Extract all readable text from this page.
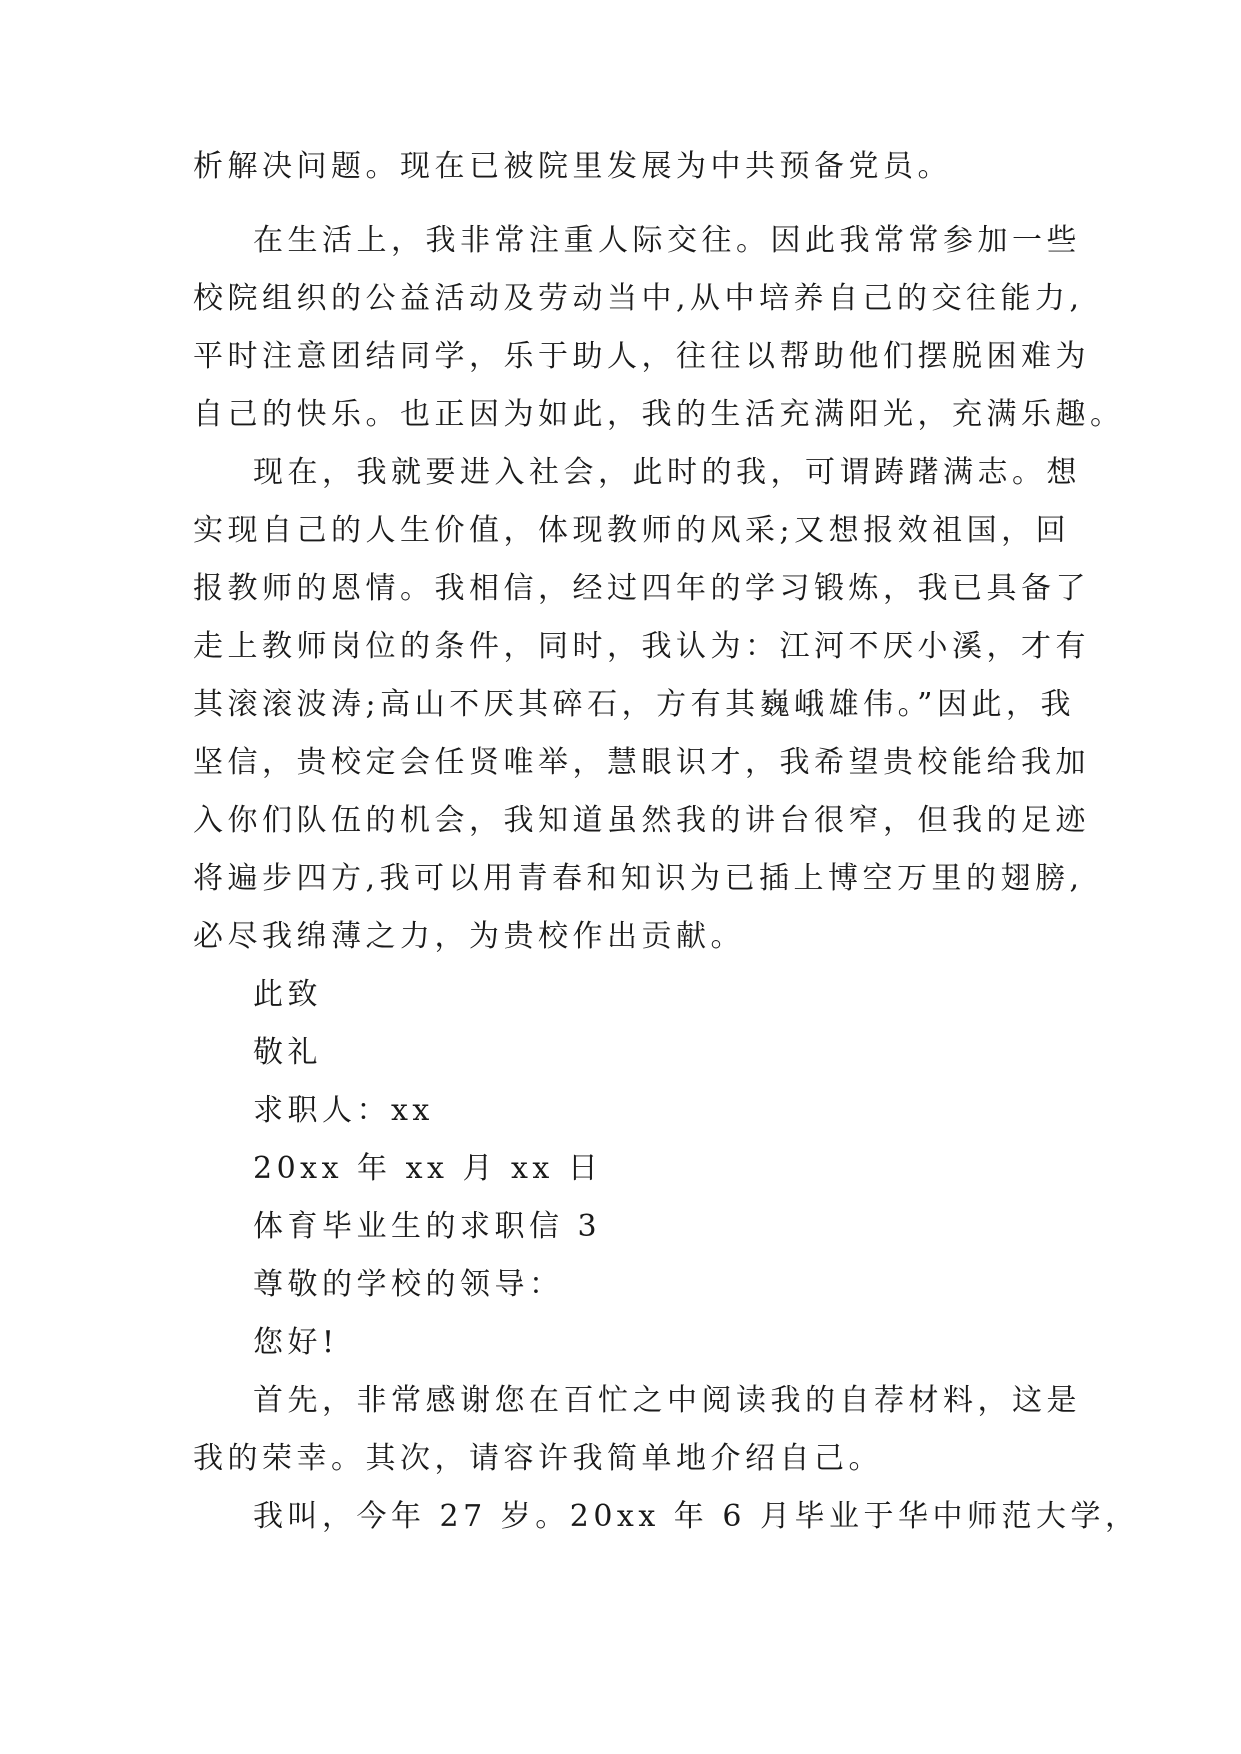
析解决问题。现在已被院里发展为中共预备党员。
在生活上，我非常注重人际交往。因此我常常参加一些
校院组织的公益活动及劳动当中,从中培养自己的交往能力,
平时注意团结同学，乐于助人，往往以帮助他们摆脱困难为
自己的快乐。也正因为如此，我的生活充满阳光，充满乐趣。
现在，我就要进入社会，此时的我，可谓踌躇满志。想
实现自己的人生价值，体现教师的风采;又想报效祖国，回
报教师的恩情。我相信，经过四年的学习锻炼，我已具备了
走上教师岗位的条件，同时，我认为：江河不厌小溪，才有
其滚滚波涛;高山不厌其碎石，方有其巍峨雄伟。”因此，我
坚信，贵校定会任贤唯举，慧眼识才，我希望贵校能给我加
入你们队伍的机会，我知道虽然我的讲台很窄，但我的足迹
将遍步四方,我可以用青春和知识为已插上博空万里的翅膀,
必尽我绵薄之力，为贵校作出贡献。
此致
敬礼
求职人：xx
20xx 年 xx 月 xx 日
体育毕业生的求职信 3
尊敬的学校的领导：
您好!
首先，非常感谢您在百忙之中阅读我的自荐材料，这是
我的荣幸。其次，请容许我简单地介绍自己。
我叫，今年 27 岁。20xx 年 6 月毕业于华中师范大学，
